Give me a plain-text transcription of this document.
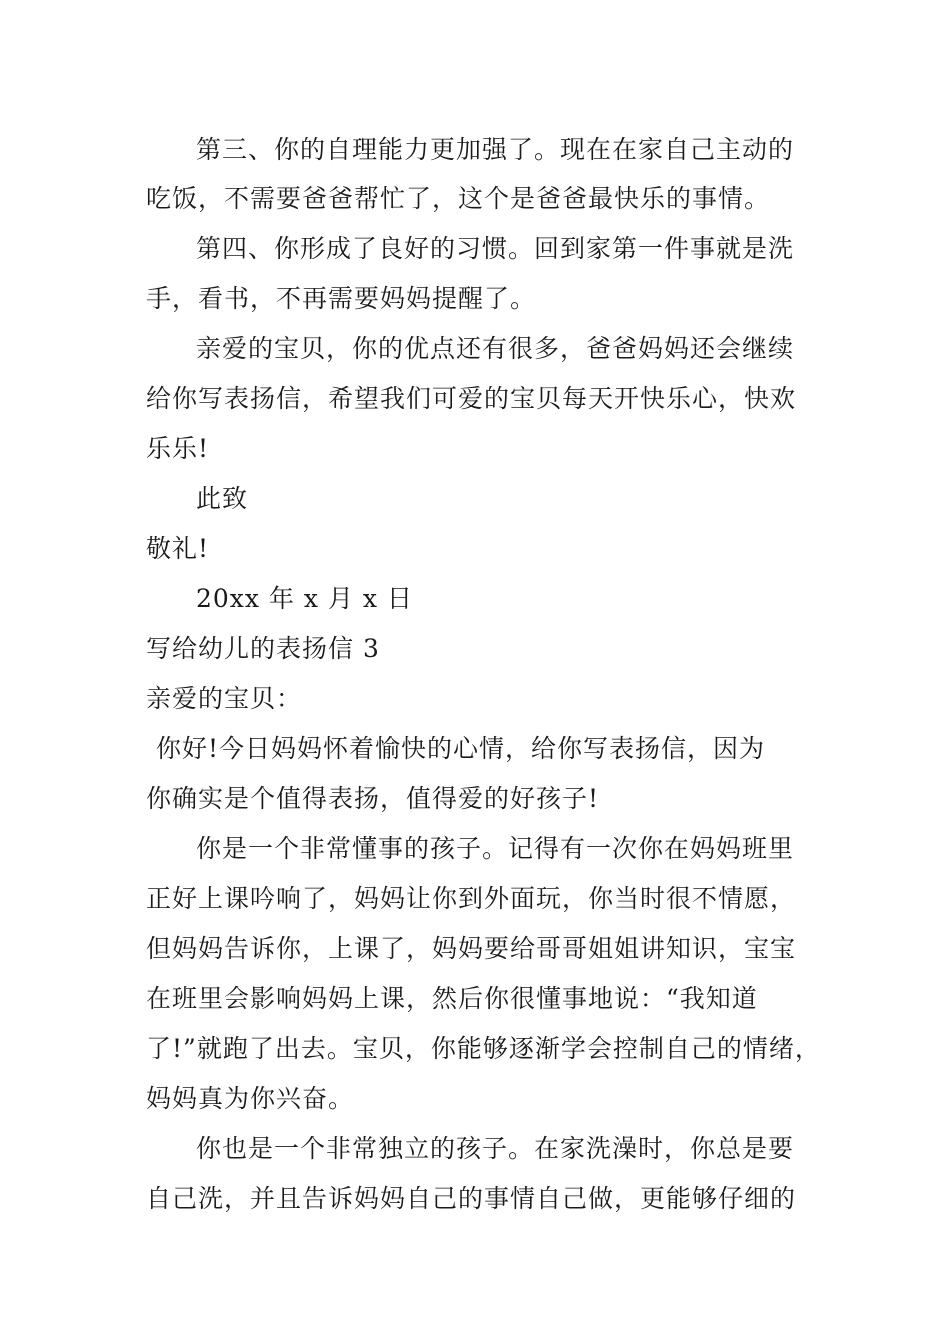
第三、你的自理能力更加强了。现在在家自己主动的
吃饭，不需要爸爸帮忙了，这个是爸爸最快乐的事情。
第四、你形成了良好的习惯。回到家第一件事就是洗
手，看书，不再需要妈妈提醒了。
亲爱的宝贝，你的优点还有很多，爸爸妈妈还会继续
给你写表扬信，希望我们可爱的宝贝每天开快乐心，快欢
乐乐!
此致
敬礼!
20xx 年 x 月 x 日
写给幼儿的表扬信 3
亲爱的宝贝：
你好!今日妈妈怀着愉快的心情，给你写表扬信，因为
你确实是个值得表扬，值得爱的好孩子!
你是一个非常懂事的孩子。记得有一次你在妈妈班里
正好上课吟响了，妈妈让你到外面玩，你当时很不情愿，
但妈妈告诉你，上课了，妈妈要给哥哥姐姐讲知识，宝宝
在班里会影响妈妈上课，然后你很懂事地说：“我知道
了!”就跑了出去。宝贝，你能够逐渐学会控制自己的情绪，
妈妈真为你兴奋。
你也是一个非常独立的孩子。在家洗澡时，你总是要
自己洗，并且告诉妈妈自己的事情自己做，更能够仔细的
